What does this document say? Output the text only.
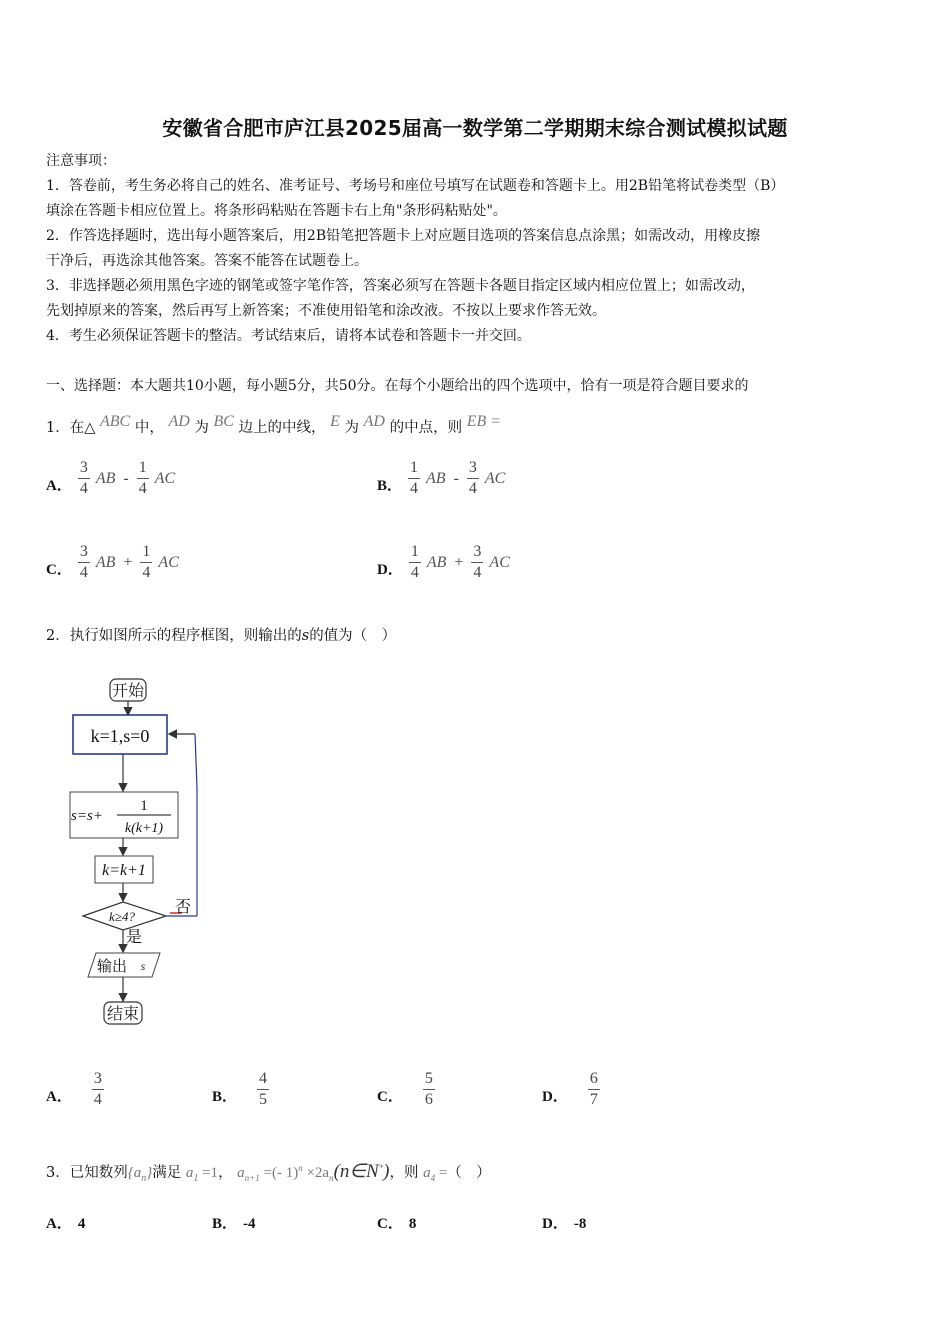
安徽省合肥市庐江县2025届高一数学第二学期期末综合测试模拟试题
注意事项：
1．答卷前，考生务必将自己的姓名、准考证号、考场号和座位号填写在试题卷和答题卡上。用2B铅笔将试卷类型（B）
填涂在答题卡相应位置上。将条形码粘贴在答题卡右上角"条形码粘贴处"。
2．作答选择题时，选出每小题答案后，用2B铅笔把答题卡上对应题目选项的答案信息点涂黑；如需改动，用橡皮擦
干净后，再选涂其他答案。答案不能答在试题卷上。
3．非选择题必须用黑色字迹的钢笔或签字笔作答，答案必须写在答题卡各题目指定区域内相应位置上；如需改动，
先划掉原来的答案，然后再写上新答案；不准使用铅笔和涂改液。不按以上要求作答无效。
4．考生必须保证答题卡的整洁。考试结束后，请将本试卷和答题卡一并交回。
一、选择题：本大题共10小题，每小题5分，共50分。在每个小题给出的四个选项中，恰有一项是符合题目要求的
1．在△ $^{ABC}$ 中， $^{AD}$ 为 $^{BC}$ 边上的中线， $^E$ 为 $^{AD}$ 的中点，则 $^{EB =}$
A． $\frac{3}{4}$ AB - $\frac{1}{4}$ AC	B． $\frac{1}{4}$ AB - $\frac{3}{4}$ AC
C． $\frac{3}{4}$ AB + $\frac{1}{4}$ AC	D． $\frac{1}{4}$ AB + $\frac{3}{4}$ AC
2．执行如图所示的程序框图，则输出的s的值为（　）
开始
k=1,s=0
s=s+
1
k(k+1)
k=k+1
k≥4?
否
是
输出 s
结束
A． $\frac{3}{4}$	B． $\frac{4}{5}$	C． $\frac{5}{6}$	D． $\frac{6}{7}$
3．已知数列$\{a_n\}$满足 $a_1 =1$， $a_{n+1}$ =(- $1)^n \times 2a_n(n\in N^*)$，则 $a_4$ =（　）
A． 4	B． -4	C． 8	D． -8
